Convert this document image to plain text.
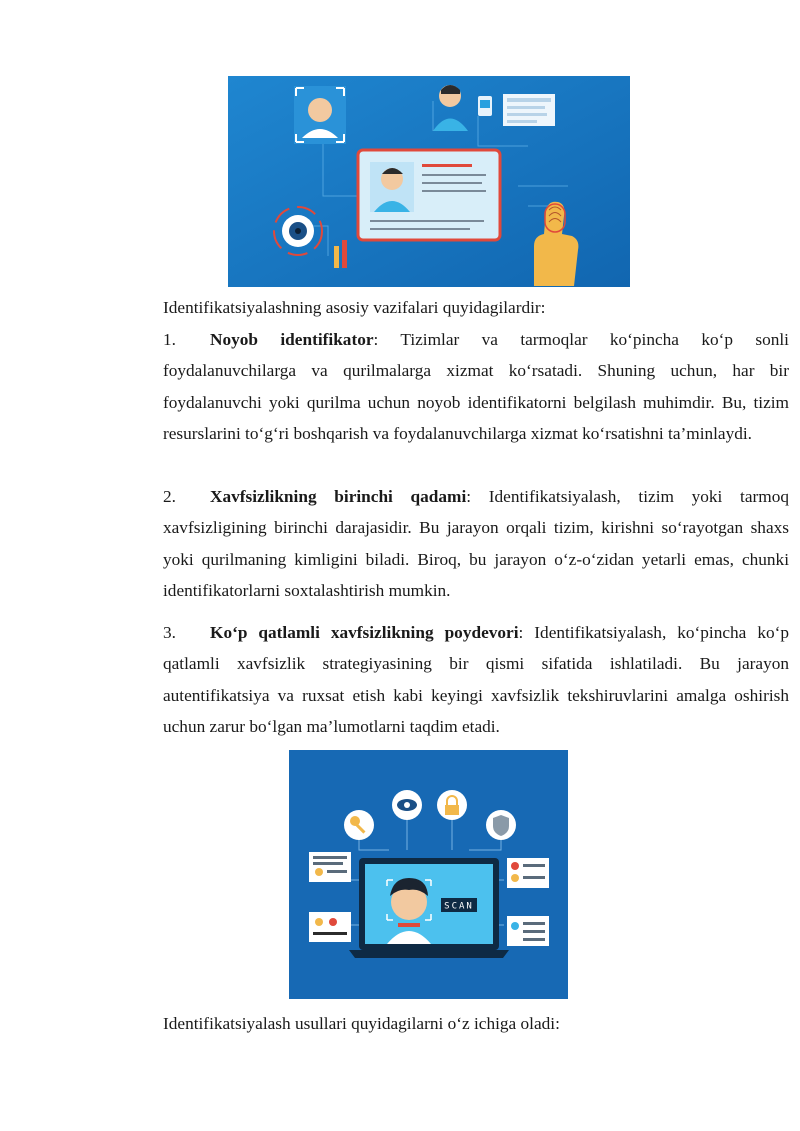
Identifikatsiyalashning asosiy vazifalari quyidagilardir:

1. Noyob identifikator: Tizimlar va tarmoqlar ko‘pincha ko‘p sonli foydalanuvchilarga va qurilmalarga xizmat ko‘rsatadi. Shuning uchun, har bir foydalanuvchi yoki qurilma uchun noyob identifikatorni belgilash muhimdir. Bu, tizim resurslarini to‘g‘ri boshqarish va foydalanuvchilarga xizmat ko‘rsatishni ta’minlaydi.

2. Xavfsizlikning birinchi qadami: Identifikatsiyalash, tizim yoki tarmoq xavfsizligining birinchi darajasidir. Bu jarayon orqali tizim, kirishni so‘rayotgan shaxs yoki qurilmaning kimligini biladi. Biroq, bu jarayon o‘z-o‘zidan yetarli emas, chunki identifikatorlarni soxtalashtirish mumkin.

3. Ko‘p qatlamli xavfsizlikning poydevori: Identifikatsiyalash, ko‘pincha ko‘p qatlamli xavfsizlik strategiyasining bir qismi sifatida ishlatiladi. Bu jarayon autentifikatsiya va ruxsat etish kabi keyingi xavfsizlik tekshiruvlarini amalga oshirish uchun zarur bo‘lgan ma’lumotlarni taqdim etadi.

SCAN

Identifikatsiyalash usullari quyidagilarni o‘z ichiga oladi:
